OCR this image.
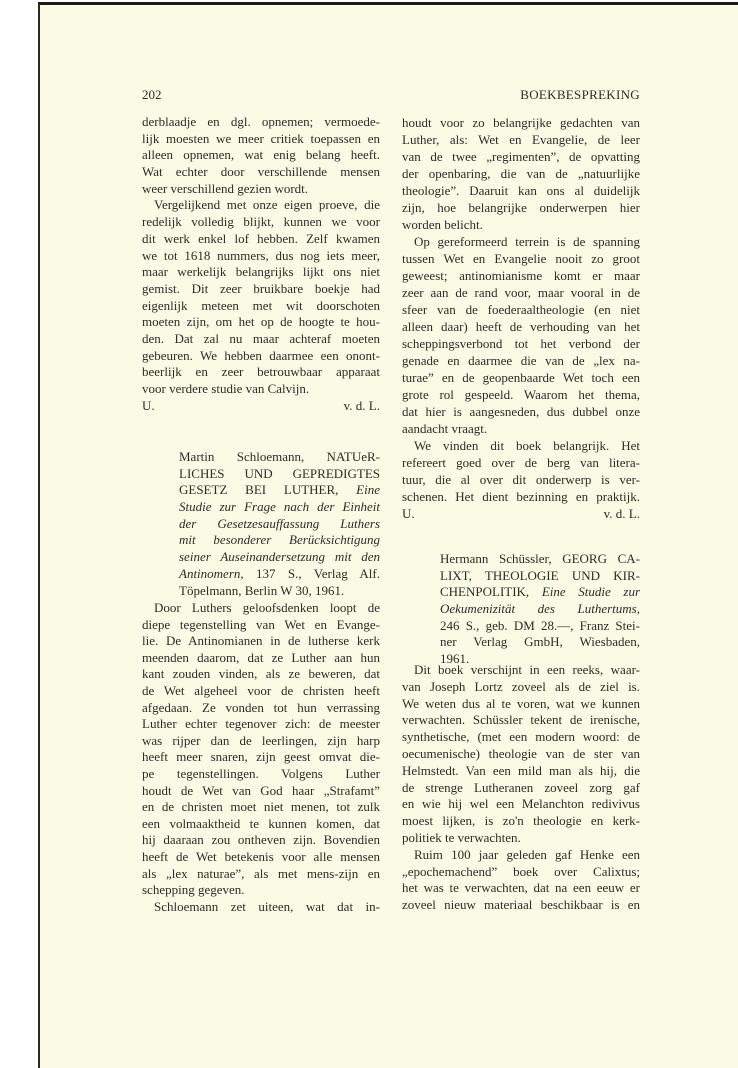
202	BOEKBESPREKING
derblaadje en dgl. opnemen; vermoede-
lijk moesten we meer critiek toepassen en
alleen opnemen, wat enig belang heeft.
Wat echter door verschillende mensen
weer verschillend gezien wordt.
Vergelijkend met onze eigen proeve, die
redelijk volledig blijkt, kunnen we voor
dit werk enkel lof hebben. Zelf kwamen
we tot 1618 nummers, dus nog iets meer,
maar werkelijk belangrijks lijkt ons niet
gemist. Dit zeer bruikbare boekje had
eigenlijk meteen met wit doorschoten
moeten zijn, om het op de hoogte te hou-
den. Dat zal nu maar achteraf moeten
gebeuren. We hebben daarmee een onont-
beerlijk en zeer betrouwbaar apparaat
voor verdere studie van Calvijn.
U.	v. d. L.
Martin Schloemann, NATUeR-
LICHES UND GEPREDIGTES
GESETZ BEI LUTHER, Eine
Studie zur Frage nach der Einheit
der Gesetzesauffassung Luthers
mit besonderer Berücksichtigung
seiner Auseinandersetzung mit den
Antinomern, 137 S., Verlag Alf.
Töpelmann, Berlin W 30, 1961.
Door Luthers geloofsdenken loopt de
diepe tegenstelling van Wet en Evange-
lie. De Antinomianen in de lutherse kerk
meenden daarom, dat ze Luther aan hun
kant zouden vinden, als ze beweren, dat
de Wet algeheel voor de christen heeft
afgedaan. Ze vonden tot hun verrassing
Luther echter tegenover zich: de meester
was rijper dan de leerlingen, zijn harp
heeft meer snaren, zijn geest omvat die-
pe tegenstellingen. Volgens Luther
houdt de Wet van God haar „Strafamt”
en de christen moet niet menen, tot zulk
een volmaaktheid te kunnen komen, dat
hij daaraan zou ontheven zijn. Bovendien
heeft de Wet betekenis voor alle mensen
als „lex naturae”, als met mens-zijn en
schepping gegeven.
Schloemann zet uiteen, wat dat in-
houdt voor zo belangrijke gedachten van
Luther, als: Wet en Evangelie, de leer
van de twee „regimenten”, de opvatting
der openbaring, die van de „natuurlijke
theologie”. Daaruit kan ons al duidelijk
zijn, hoe belangrijke onderwerpen hier
worden belicht.
Op gereformeerd terrein is de spanning
tussen Wet en Evangelie nooit zo groot
geweest; antinomianisme komt er maar
zeer aan de rand voor, maar vooral in de
sfeer van de foederaaltheologie (en niet
alleen daar) heeft de verhouding van het
scheppingsverbond tot het verbond der
genade en daarmee die van de „lex na-
turae” en de geopenbaarde Wet toch een
grote rol gespeeld. Waarom het thema,
dat hier is aangesneden, dus dubbel onze
aandacht vraagt.
We vinden dit boek belangrijk. Het
refereert goed over de berg van litera-
tuur, die al over dit onderwerp is ver-
schenen. Het dient bezinning en praktijk.
U.	v. d. L.
Hermann Schüssler, GEORG CA-
LIXT, THEOLOGIE UND KIR-
CHENPOLITIK, Eine Studie zur
Oekumenizität des Luthertums,
246 S., geb. DM 28.—, Franz Stei-
ner Verlag GmbH, Wiesbaden,
1961.
Dit boek verschijnt in een reeks, waar-
van Joseph Lortz zoveel als de ziel is.
We weten dus al te voren, wat we kunnen
verwachten. Schüssler tekent de irenische,
synthetische, (met een modern woord: de
oecumenische) theologie van de ster van
Helmstedt. Van een mild man als hij, die
de strenge Lutheranen zoveel zorg gaf
en wie hij wel een Melanchton redivivus
moest lijken, is zo'n theologie en kerk-
politiek te verwachten.
Ruim 100 jaar geleden gaf Henke een
„epochemachend” boek over Calixtus;
het was te verwachten, dat na een eeuw er
zoveel nieuw materiaal beschikbaar is en
